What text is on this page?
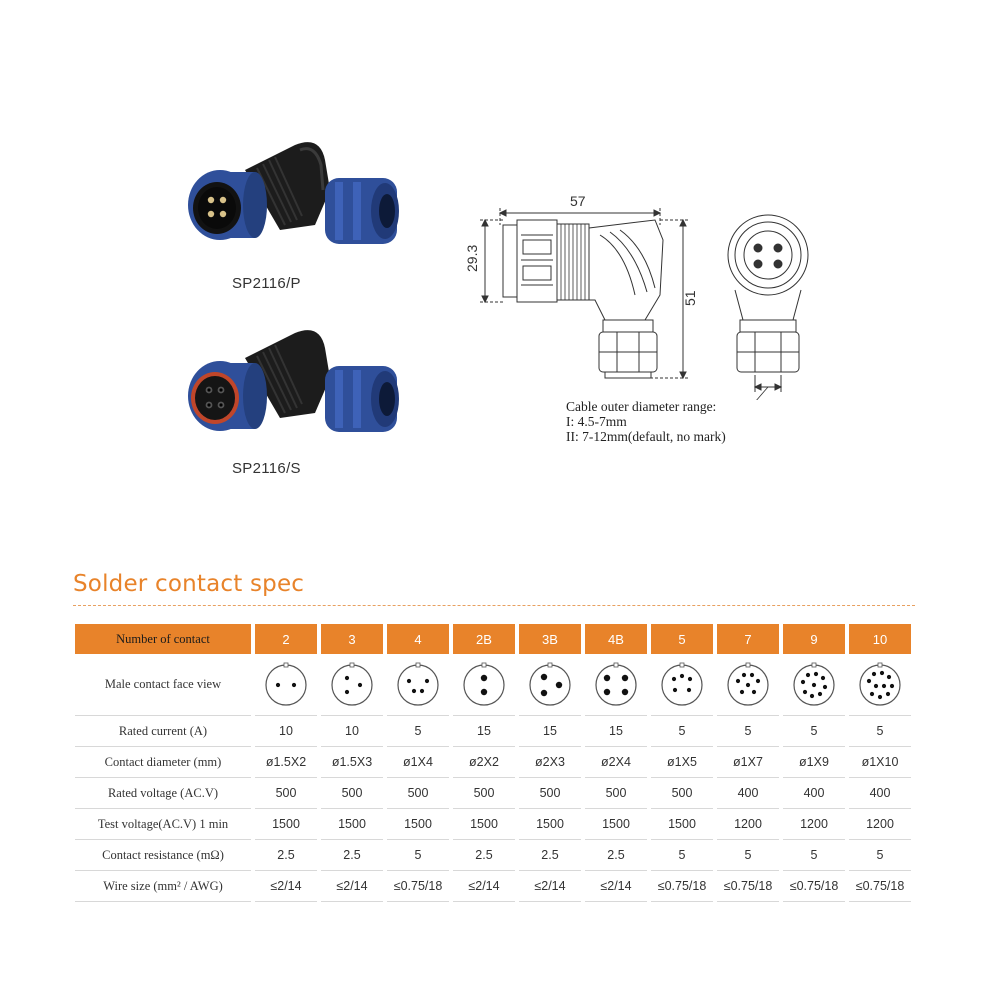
SP2116/P
SP2116/S
57
29.3
51
Cable outer diameter range:
I: 4.5-7mm
II: 7-12mm(default, no mark)
Solder contact spec
Number of contact	2	3	4	2B	3B	4B	5	7	9	10
Male contact face view	

Rated current (A)	10	10	5	15	15	15	5	5	5	5
Contact diameter (mm)	ø1.5X2	ø1.5X3	ø1X4	ø2X2	ø2X3	ø2X4	ø1X5	ø1X7	ø1X9	ø1X10
Rated voltage (AC.V)	500	500	500	500	500	500	500	400	400	400
Test voltage(AC.V) 1 min	1500	1500	1500	1500	1500	1500	1500	1200	1200	1200
Contact resistance (mΩ)	2.5	2.5	5	2.5	2.5	2.5	5	5	5	5
Wire size (mm² / AWG)	≤2/14	≤2/14	≤0.75/18	≤2/14	≤2/14	≤2/14	≤0.75/18	≤0.75/18	≤0.75/18	≤0.75/18
